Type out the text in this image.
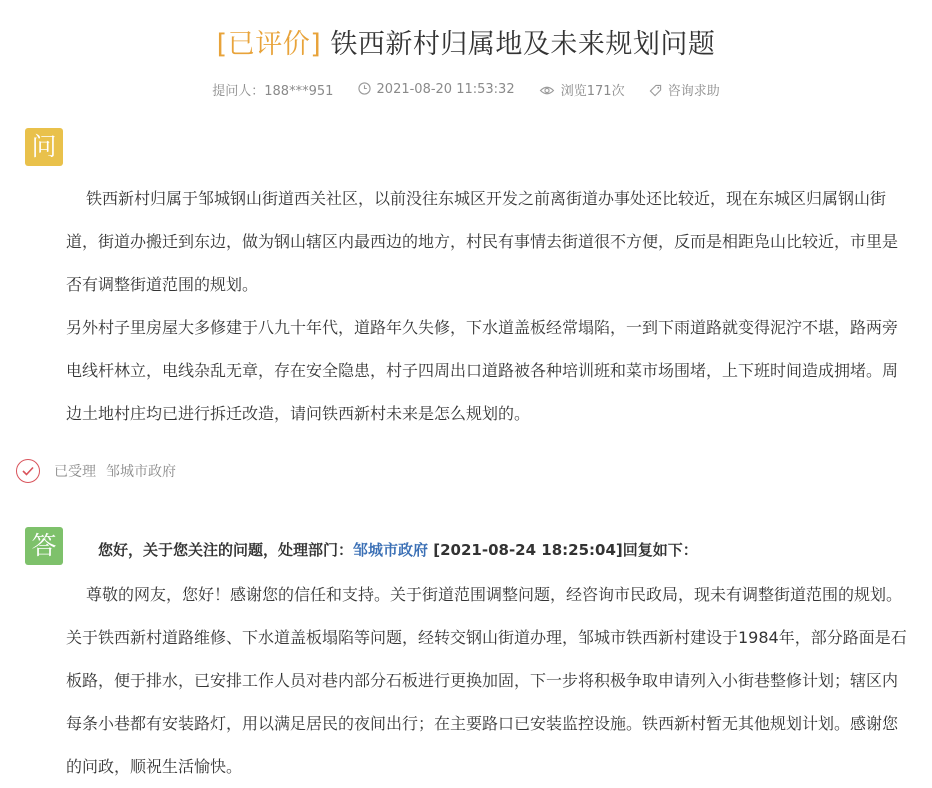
[已评价] 铁西新村归属地及未来规划问题
提问人：188***951	2021-08-20 11:53:32	浏览171次	咨询求助
问

铁西新村归属于邹城钢山街道西关社区，以前没往东城区开发之前离街道办事处还比较近，现在东城区归属钢山街道，街道办搬迁到东边，做为钢山辖区内最西边的地方，村民有事情去街道很不方便，反而是相距凫山比较近，市里是否有调整街道范围的规划。

另外村子里房屋大多修建于八九十年代，道路年久失修，下水道盖板经常塌陷，一到下雨道路就变得泥泞不堪，路两旁电线杆林立，电线杂乱无章，存在安全隐患，村子四周出口道路被各种培训班和菜市场围堵，上下班时间造成拥堵。周边土地村庄均已进行拆迁改造，请问铁西新村未来是怎么规划的。

已受理 邹城市政府
答	您好，关于您关注的问题，处理部门：邹城市政府 [2021-08-24 18:25:04]回复如下：

尊敬的网友，您好！感谢您的信任和支持。关于街道范围调整问题，经咨询市民政局，现未有调整街道范围的规划。关于铁西新村道路维修、下水道盖板塌陷等问题，经转交钢山街道办理，邹城市铁西新村建设于1984年，部分路面是石板路，便于排水，已安排工作人员对巷内部分石板进行更换加固，下一步将积极争取申请列入小街巷整修计划；辖区内每条小巷都有安装路灯，用以满足居民的夜间出行；在主要路口已安装监控设施。铁西新村暂无其他规划计划。感谢您的问政，顺祝生活愉快。
